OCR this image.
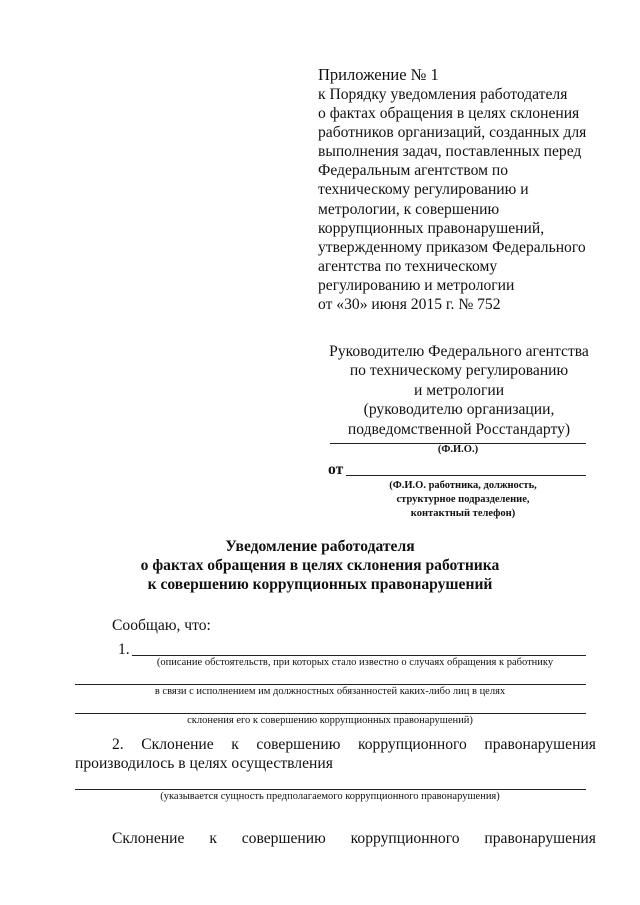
Приложение № 1
к Порядку уведомления работодателя
о фактах обращения в целях склонения
работников организаций, созданных для
выполнения задач, поставленных перед
Федеральным агентством по
техническому регулированию и
метрологии, к совершению
коррупционных правонарушений,
утвержденному приказом Федерального
агентства по техническому
регулированию и метрологии
от «30» июня 2015 г. № 752
Руководителю Федерального агентства
по техническому регулированию
и метрологии
(руководителю организации,
подведомственной Росстандарту)
(Ф.И.О.)
от
(Ф.И.О. работника, должность,
структурное подразделение,
контактный телефон)
Уведомление работодателя
о фактах обращения в целях склонения работника
к совершению коррупционных правонарушений
Сообщаю, что:
1.
(описание обстоятельств, при которых стало известно о случаях обращения к работнику
в связи с исполнением им должностных обязанностей каких-либо лиц в целях
склонения его к совершению коррупционных правонарушений)
2. Склонение к совершению коррупционного правонарушения
производилось в целях осуществления
(указывается сущность предполагаемого коррупционного правонарушения)
Склонение к совершению коррупционного правонарушения
